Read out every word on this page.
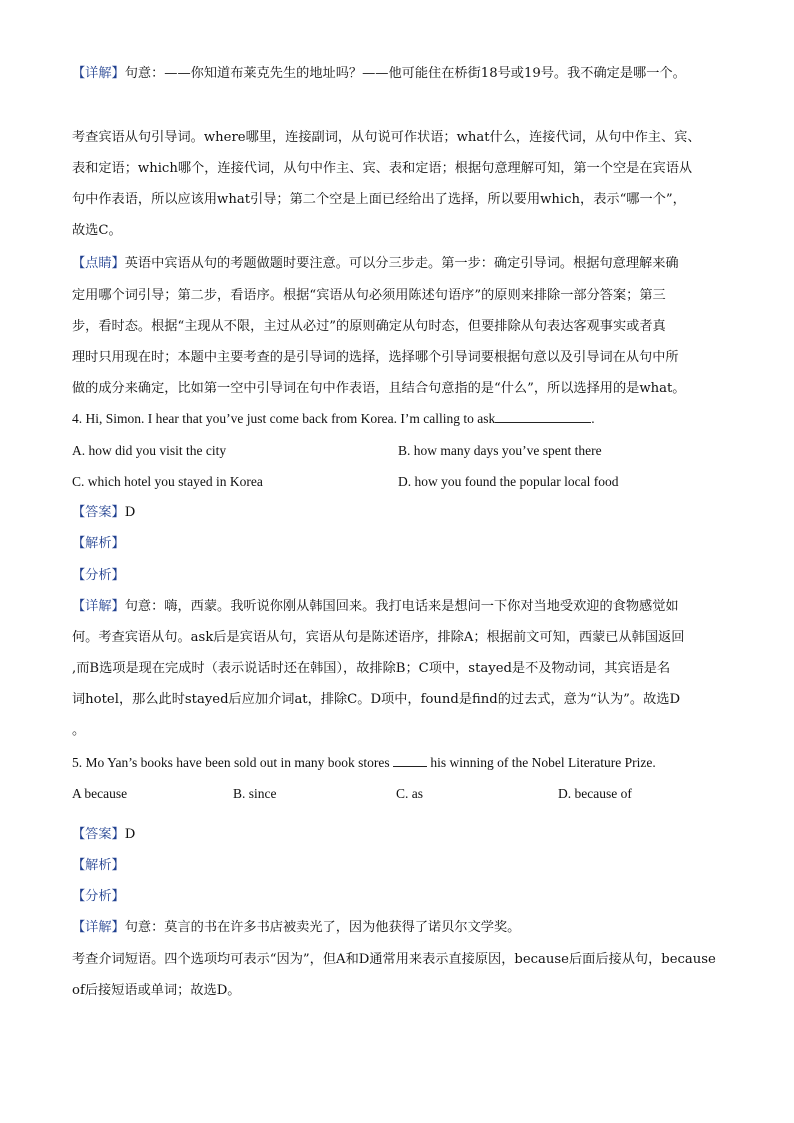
【详解】句意：——你知道布莱克先生的地址吗？——他可能住在桥街18号或19号。我不确定是哪一个。
考查宾语从句引导词。where哪里，连接副词，从句说可作状语；what什么，连接代词，从句中作主、宾、
表和定语；which哪个，连接代词，从句中作主、宾、表和定语；根据句意理解可知，第一个空是在宾语从
句中作表语，所以应该用what引导；第二个空是上面已经给出了选择，所以要用which，表示“哪一个”，
故选C。
【点睛】英语中宾语从句的考题做题时要注意。可以分三步走。第一步：确定引导词。根据句意理解来确
定用哪个词引导；第二步，看语序。根据“宾语从句必须用陈述句语序”的原则来排除一部分答案；第三
步，看时态。根据“主现从不限，主过从必过”的原则确定从句时态，但要排除从句表达客观事实或者真
理时只用现在时；本题中主要考查的是引导词的选择，选择哪个引导词要根据句意以及引导词在从句中所
做的成分来确定，比如第一空中引导词在句中作表语，且结合句意指的是“什么”，所以选择用的是what。
4. Hi, Simon. I hear that you’ve just come back from Korea. I’m calling to ask	.
A. how did you visit the city	B. how many days you’ve spent there
C. which hotel you stayed in Korea	D. how you found the popular local food
【答案】D
【解析】
【分析】
【详解】句意：嗨，西蒙。我听说你刚从韩国回来。我打电话来是想问一下你对当地受欢迎的食物感觉如
何。考查宾语从句。ask后是宾语从句，宾语从句是陈述语序，排除A；根据前文可知，西蒙已从韩国返回
,而B选项是现在完成时（表示说话时还在韩国），故排除B；C项中，stayed是不及物动词，其宾语是名
词hotel，那么此时stayed后应加介词at，排除C。D项中，found是find的过去式，意为“认为”。故选D
。
5. Mo Yan’s books have been sold out in many book stores	his winning of the Nobel Literature Prize.
A because	B. since	C. as	D. because of
【答案】D
【解析】
【分析】
【详解】句意：莫言的书在许多书店被卖光了，因为他获得了诺贝尔文学奖。
考查介词短语。四个选项均可表示“因为”，但A和D通常用来表示直接原因，because后面后接从句，because
of后接短语或单词；故选D。
